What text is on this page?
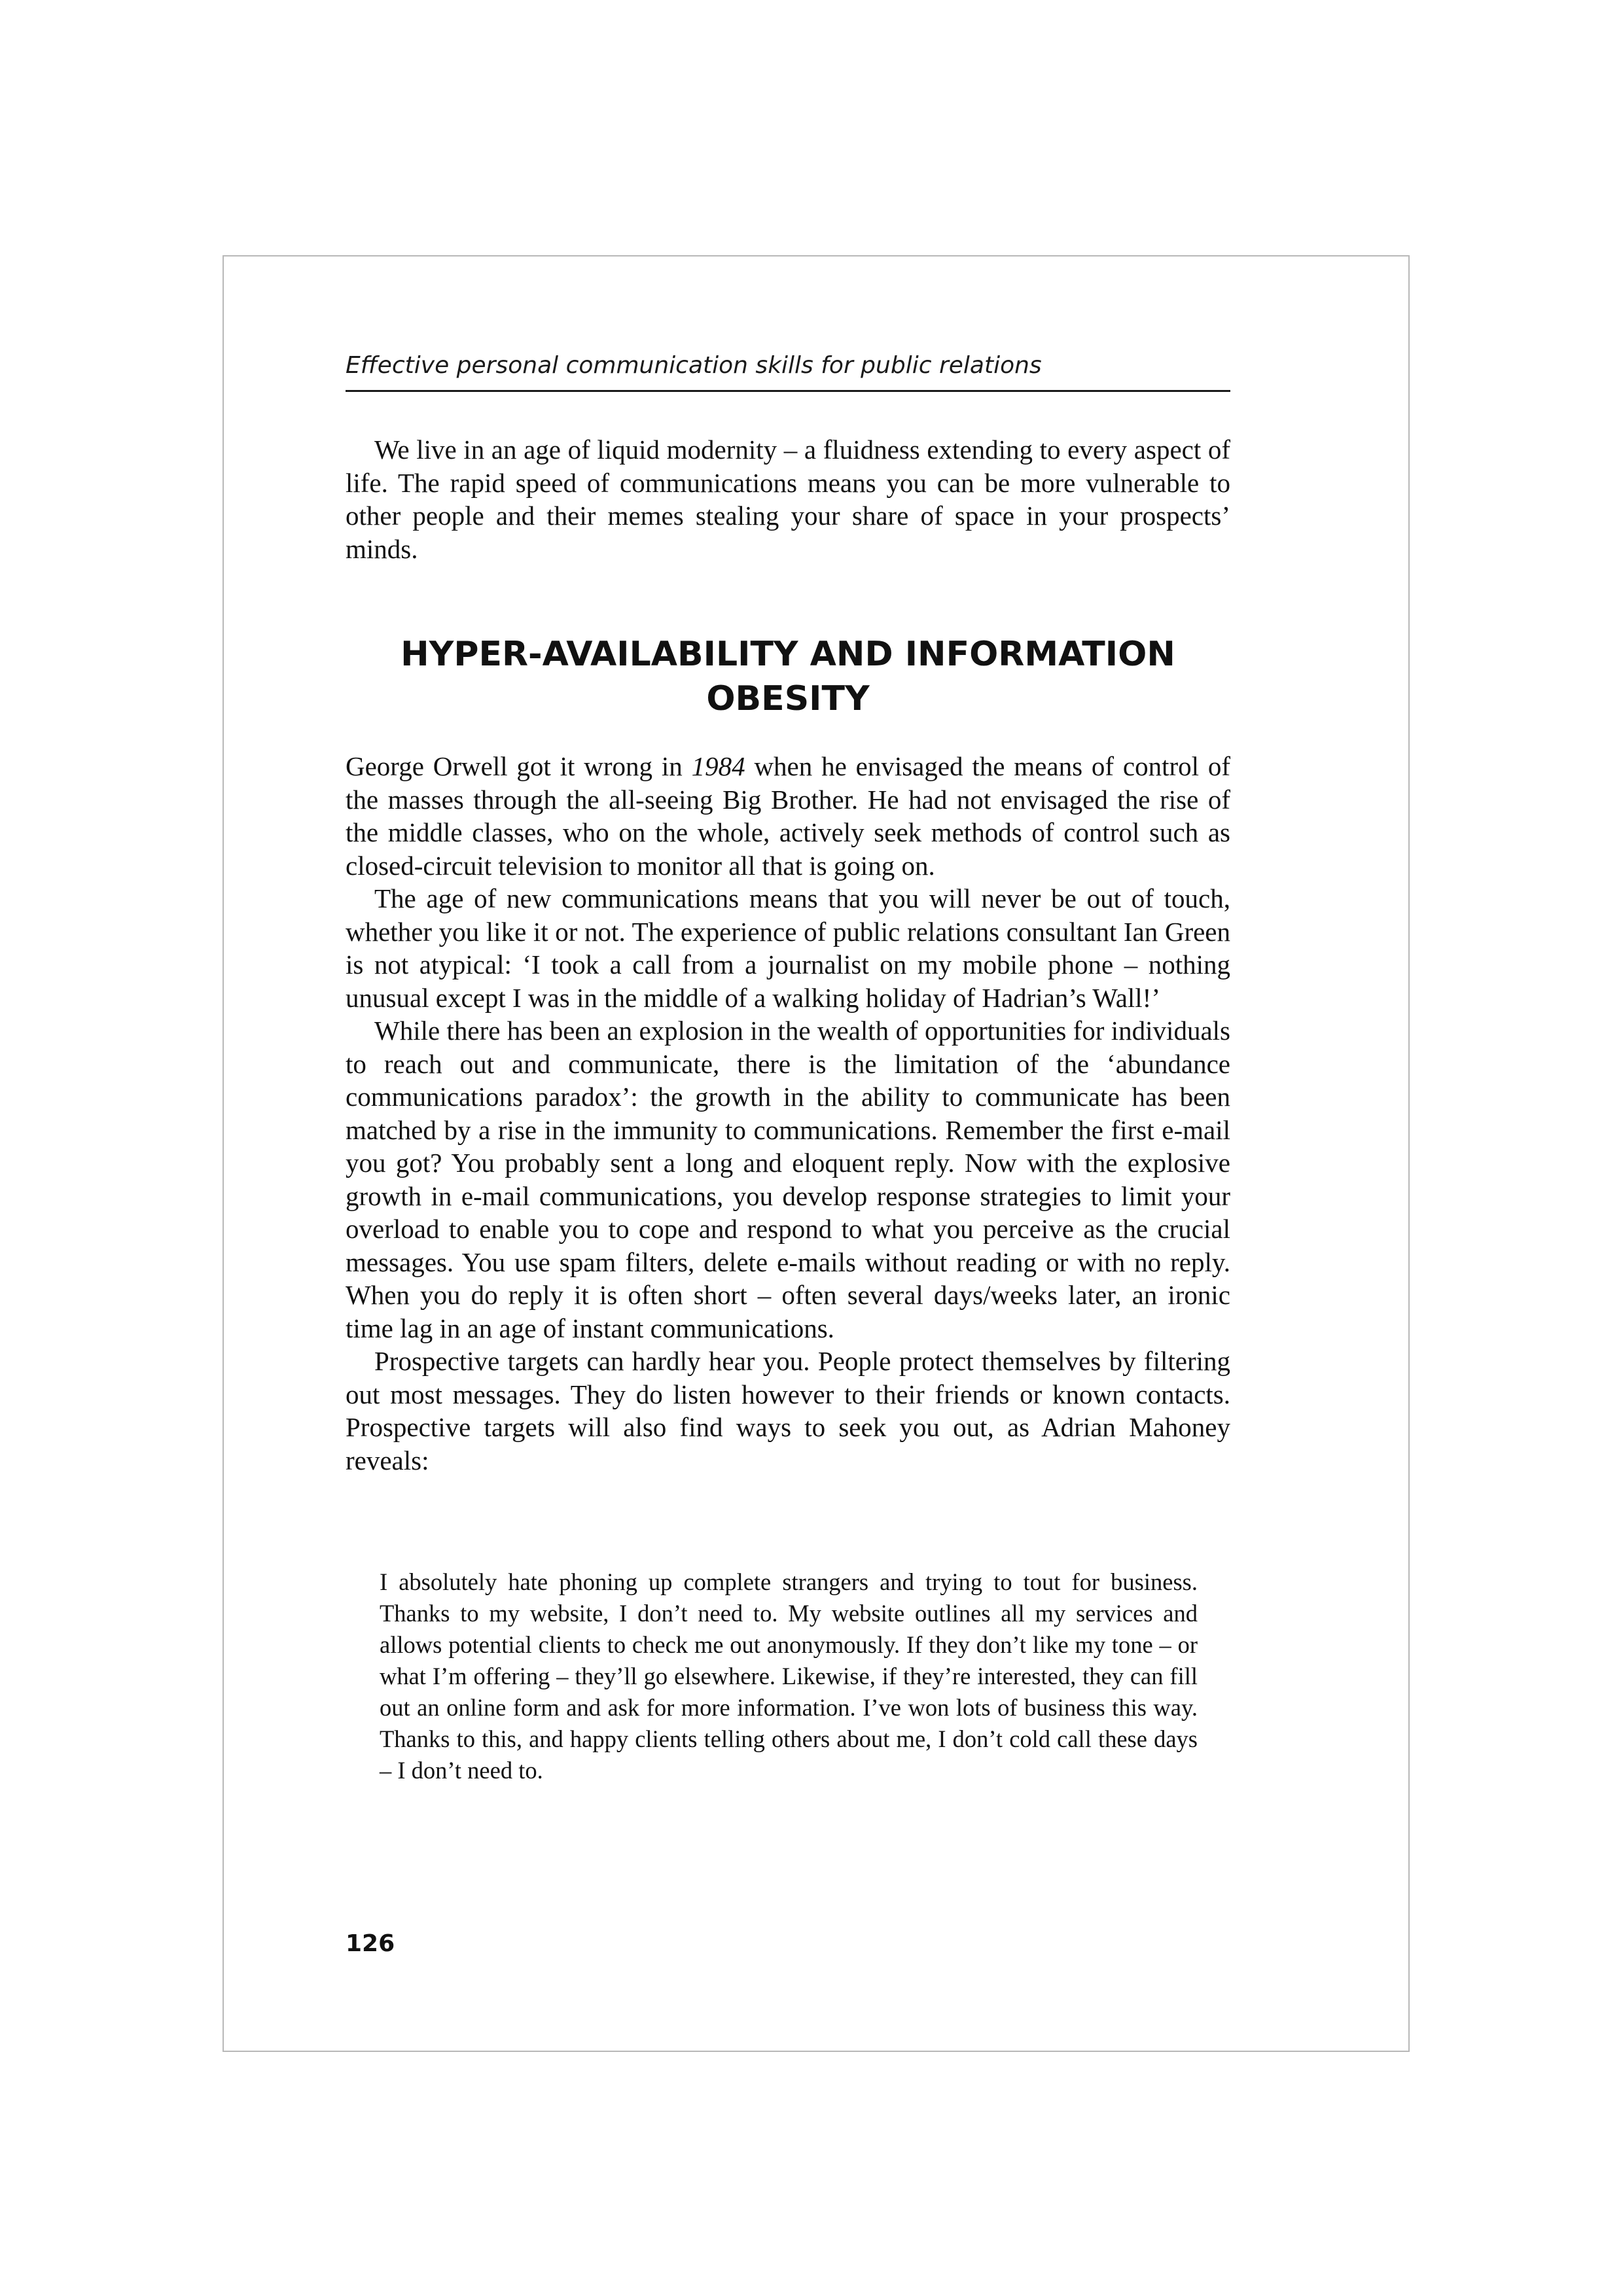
Effective personal communication skills for public relations

We live in an age of liquid modernity – a fluidness extending to every aspect of life. The rapid speed of communications means you can be more vulnerable to other people and their memes stealing your share of space in your prospects’ minds.

HYPER-AVAILABILITY AND INFORMATION OBESITY

George Orwell got it wrong in 1984 when he envisaged the means of control of the masses through the all-seeing Big Brother. He had not envisaged the rise of the middle classes, who on the whole, actively seek methods of control such as closed-circuit television to monitor all that is going on.

The age of new communications means that you will never be out of touch, whether you like it or not. The experience of public relations consultant Ian Green is not atypical: ‘I took a call from a journalist on my mobile phone – nothing unusual except I was in the middle of a walking holiday of Hadrian’s Wall!’

While there has been an explosion in the wealth of opportunities for individuals to reach out and communicate, there is the limitation of the ‘abundance communications paradox’: the growth in the ability to communicate has been matched by a rise in the immunity to communications. Remember the first e-mail you got? You probably sent a long and eloquent reply. Now with the explosive growth in e-mail communications, you develop response strategies to limit your overload to enable you to cope and respond to what you perceive as the crucial messages. You use spam filters, delete e-mails without reading or with no reply. When you do reply it is often short – often several days/weeks later, an ironic time lag in an age of instant communications.

Prospective targets can hardly hear you. People protect themselves by filtering out most messages. They do listen however to their friends or known contacts. Prospective targets will also find ways to seek you out, as Adrian Mahoney reveals:

I absolutely hate phoning up complete strangers and trying to tout for business. Thanks to my website, I don’t need to. My website outlines all my services and allows potential clients to check me out anonymously. If they don’t like my tone – or what I’m offering – they’ll go elsewhere. Likewise, if they’re interested, they can fill out an online form and ask for more information. I’ve won lots of business this way. Thanks to this, and happy clients telling others about me, I don’t cold call these days – I don’t need to.
126
